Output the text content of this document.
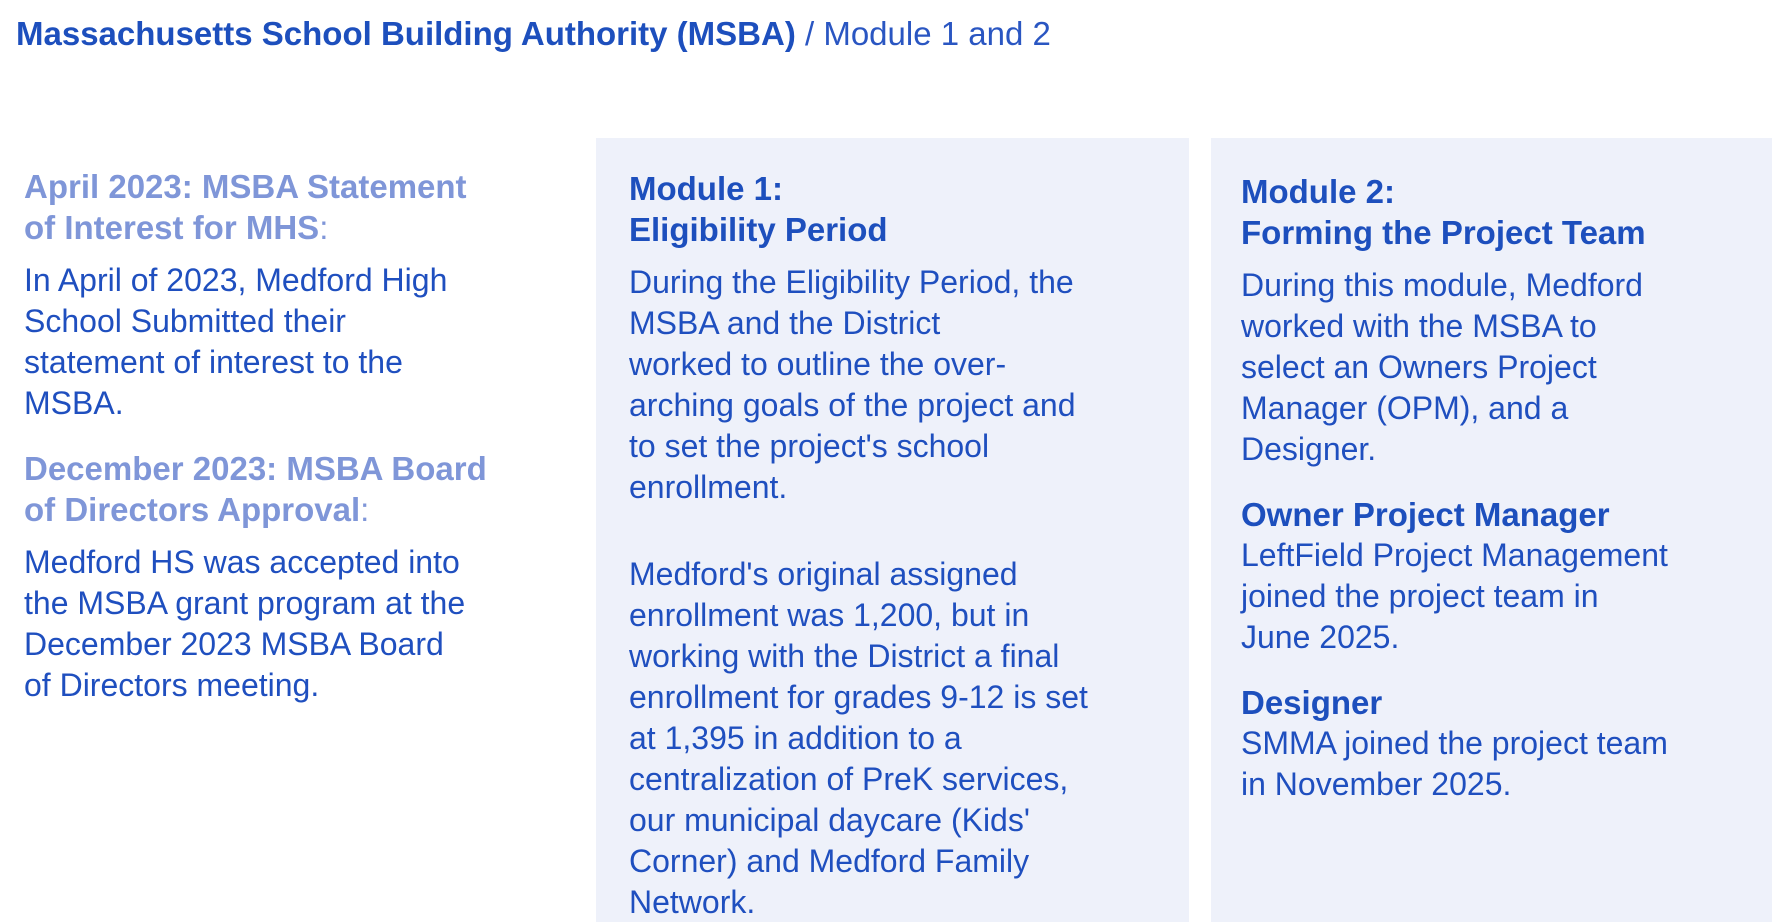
Massachusetts School Building Authority (MSBA) / Module 1 and 2
April 2023: MSBA Statement
of Interest for MHS:
In April of 2023, Medford High
School Submitted their
statement of interest to the
MSBA.
December 2023: MSBA Board
of Directors Approval:
Medford HS was accepted into
the MSBA grant program at the
December 2023 MSBA Board
of Directors meeting.
Module 1:
Eligibility Period
During the Eligibility Period, the
MSBA and the District
worked to outline the over-
arching goals of the project and
to set the project's school
enrollment.
Medford's original assigned
enrollment was 1,200, but in
working with the District a final
enrollment for grades 9-12 is set
at 1,395 in addition to a
centralization of PreK services,
our municipal daycare (Kids'
Corner) and Medford Family
Network.
Module 2:
Forming the Project Team
During this module, Medford
worked with the MSBA to
select an Owners Project
Manager (OPM), and a
Designer.
Owner Project Manager
LeftField Project Management
joined the project team in
June 2025.
Designer
SMMA joined the project team
in November 2025.
